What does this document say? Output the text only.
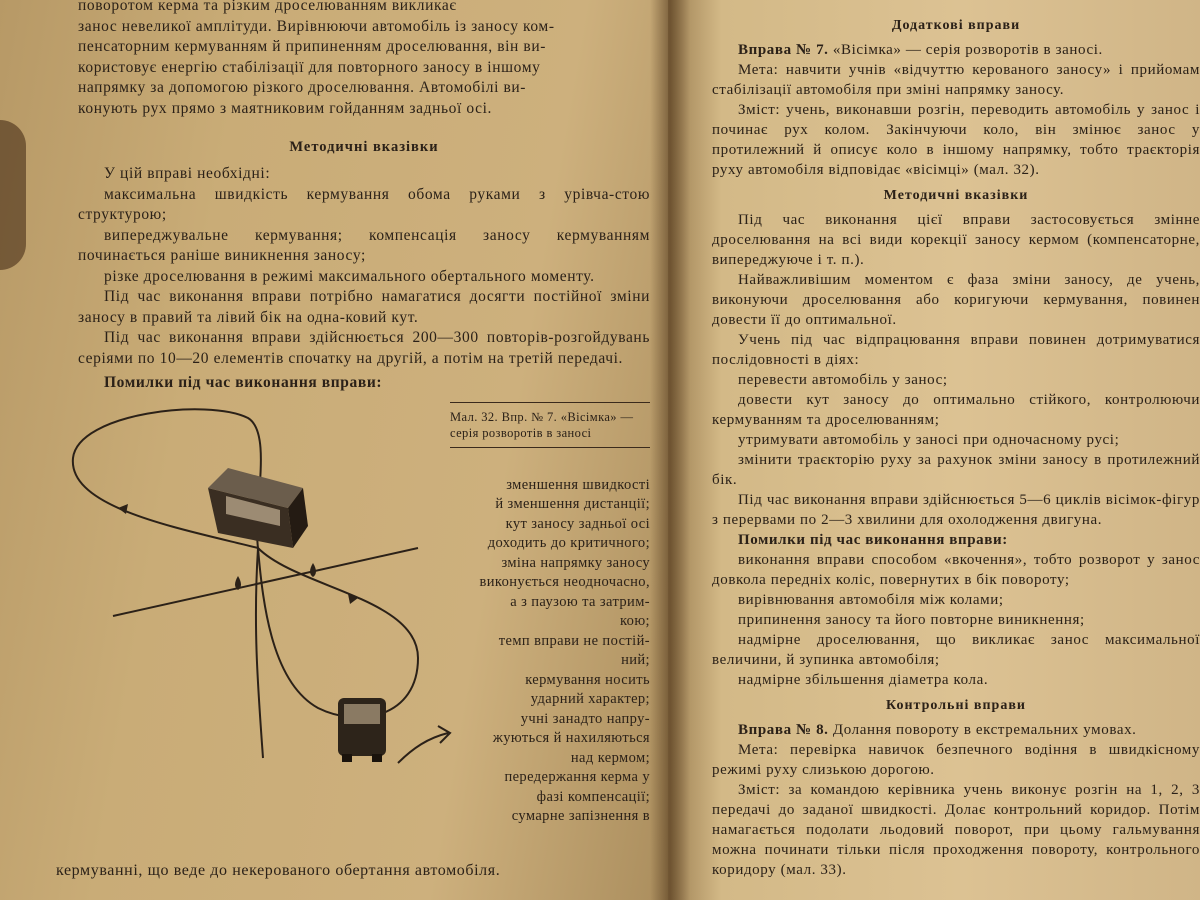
поворотом керма та різким дроселюванням викликає

занос невеликої амплітуди. Вирівнюючи автомобіль із заносу ком-

пенсаторним кермуванням й припиненням дроселювання, він ви-

користовує енергію стабілізації для повторного заносу в іншому

напрямку за допомогою різкого дроселювання. Автомобілі ви-

конують рух прямо з маятниковим гойданням задньої осі.

Методичні вказівки

У цій вправі необхідні:

максимальна швидкість кермування обома руками з урівча-стою структурою;

випереджувальне кермування; компенсація заносу кермуванням починається раніше виникнення заносу;

різке дроселювання в режимі максимального обертального моменту.

Під час виконання вправи потрібно намагатися досягти постійної зміни заносу в правий та лівий бік на одна-ковий кут.

Під час виконання вправи здійснюється 200—300 повторів-розгойдувань серіями по 10—20 елементів спочатку на другій, а потім на третій передачі.

Помилки під час виконання вправи:

Мал. 32. Впр. № 7. «Вісімка» — серія розворотів в заносі

зменшення швидкості

й зменшення дистанції;

кут заносу задньої осі

доходить до критичного;

зміна напрямку заносу

виконується неодночасно,

а з паузою та затрим-

кою;

темп вправи не постій-

ний;

кермування носить

ударний характер;

учні занадто напру-

жуються й нахиляються

над кермом;

передержання керма у

фазі компенсації;

сумарне запізнення в

кермуванні, що веде до некерованого обертання автомобіля.
Додаткові вправи

Вправа № 7. «Вісімка» — серія розворотів в заносі.

Мета: навчити учнів «відчуттю керованого заносу» і прийомам стабілізації автомобіля при зміні напрямку заносу.

Зміст: учень, виконавши розгін, переводить автомобіль у занос і починає рух колом. Закінчуючи коло, він змінює занос у протилежний й описує коло в іншому напрямку, тобто траєкторія руху автомобіля відповідає «вісімці» (мал. 32).

Методичні вказівки

Під час виконання цієї вправи застосовується змінне дроселювання на всі види корекції заносу кермом (компенсаторне, випереджуюче і т. п.).

Найважливішим моментом є фаза зміни заносу, де учень, виконуючи дроселювання або коригуючи кермування, повинен довести її до оптимальної.

Учень під час відпрацювання вправи повинен дотримуватися послідовності в діях:

перевести автомобіль у занос;

довести кут заносу до оптимально стійкого, контролюючи кермуванням та дроселюванням;

утримувати автомобіль у заносі при одночасному русі;

змінити траєкторію руху за рахунок зміни заносу в протилежний бік.

Під час виконання вправи здійснюється 5—6 циклів вісімок-фігур з перервами по 2—3 хвилини для охолодження двигуна.

Помилки під час виконання вправи:

виконання вправи способом «вкочення», тобто розворот у занос довкола передніх коліс, повернутих в бік повороту;

вирівнювання автомобіля між колами;

припинення заносу та його повторне виникнення;

надмірне дроселювання, що викликає занос максимальної величини, й зупинка автомобіля;

надмірне збільшення діаметра кола.

Контрольні вправи

Вправа № 8. Долання повороту в екстремальних умовах.

Мета: перевірка навичок безпечного водіння в швидкісному режимі руху слизькою дорогою.

Зміст: за командою керівника учень виконує розгін на 1, 2, 3 передачі до заданої швидкості. Долає контрольний коридор. Потім намагається подолати льодовий поворот, при цьому гальмування можна починати тільки після проходження повороту, контрольного коридору (мал. 33).
